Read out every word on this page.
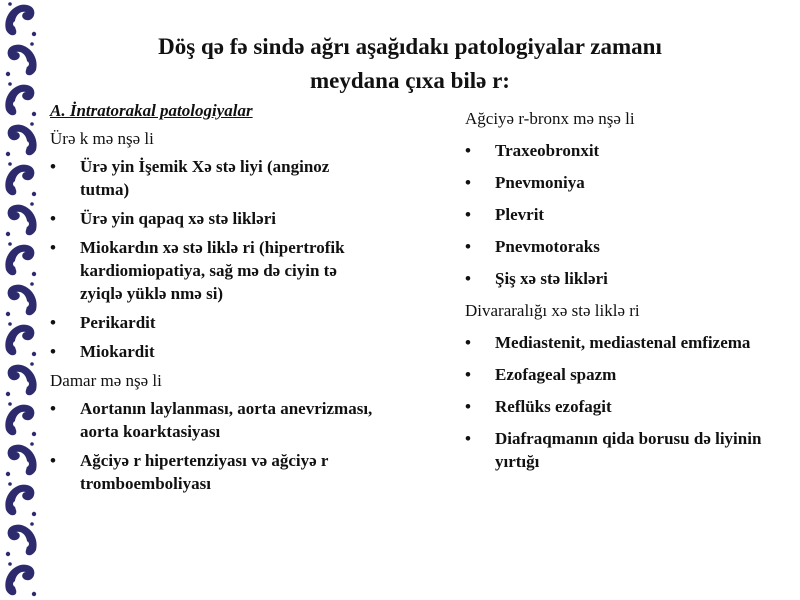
Döş qə fə sində ağrı aşağıdakı patologiyalar zamanı
meydana çıxa bilə r:
A. İntratorakal patologiyalar
Ürə k mə nşə li
• Ürə yin İşemik Xə stə liyi (anginoz tutma)
• Ürə yin qapaq xə stə likləri
• Miokardın xə stə liklə ri (hipertrofik kardiomiopatiya, sağ mə də ciyin tə zyiqlə yüklə nmə si)
• Perikardit
• Miokardit
Damar mə nşə li
• Aortanın laylanması, aorta anevrizması, aorta koarktasiyası
• Ağciyə r hipertenziyası və ağciyə r tromboemboliyası
Ağciyə r-bronx mə nşə li
• Traxeobronxit
• Pnevmoniya
• Plevrit
• Pnevmotoraks
• Şiş xə stə likləri
Divararalığı xə stə liklə ri
• Mediastenit, mediastenal emfizema
• Ezofageal spazm
• Reflüks ezofagit
• Diafraqmanın qida borusu də liyinin yırtığı
